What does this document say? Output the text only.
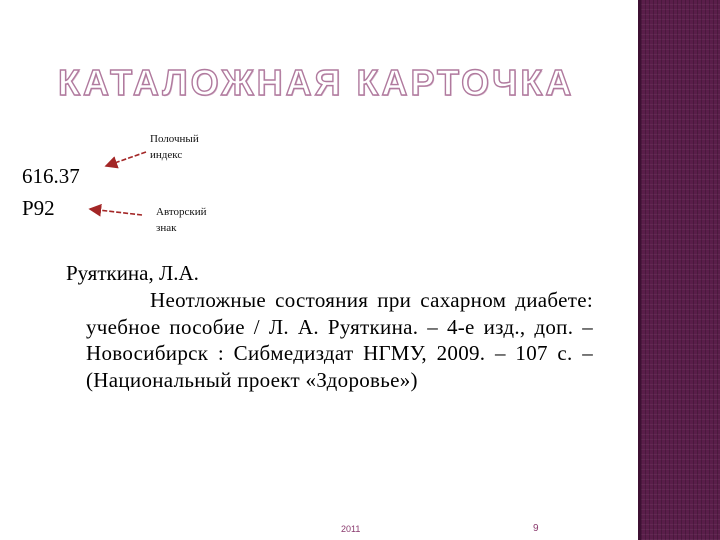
КАТАЛОЖНАЯ КАРТОЧКА
616.37
Р92
Полочный индекс
Авторский знак
Руяткина, Л.А.
Неотложные состояния при сахарном диабете: учебное пособие / Л. А. Руяткина. – 4-е изд., доп. – Новосибирск : Сибмедиздат НГМУ, 2009. – 107 с. – (Национальный проект «Здоровье»)
2011	9
